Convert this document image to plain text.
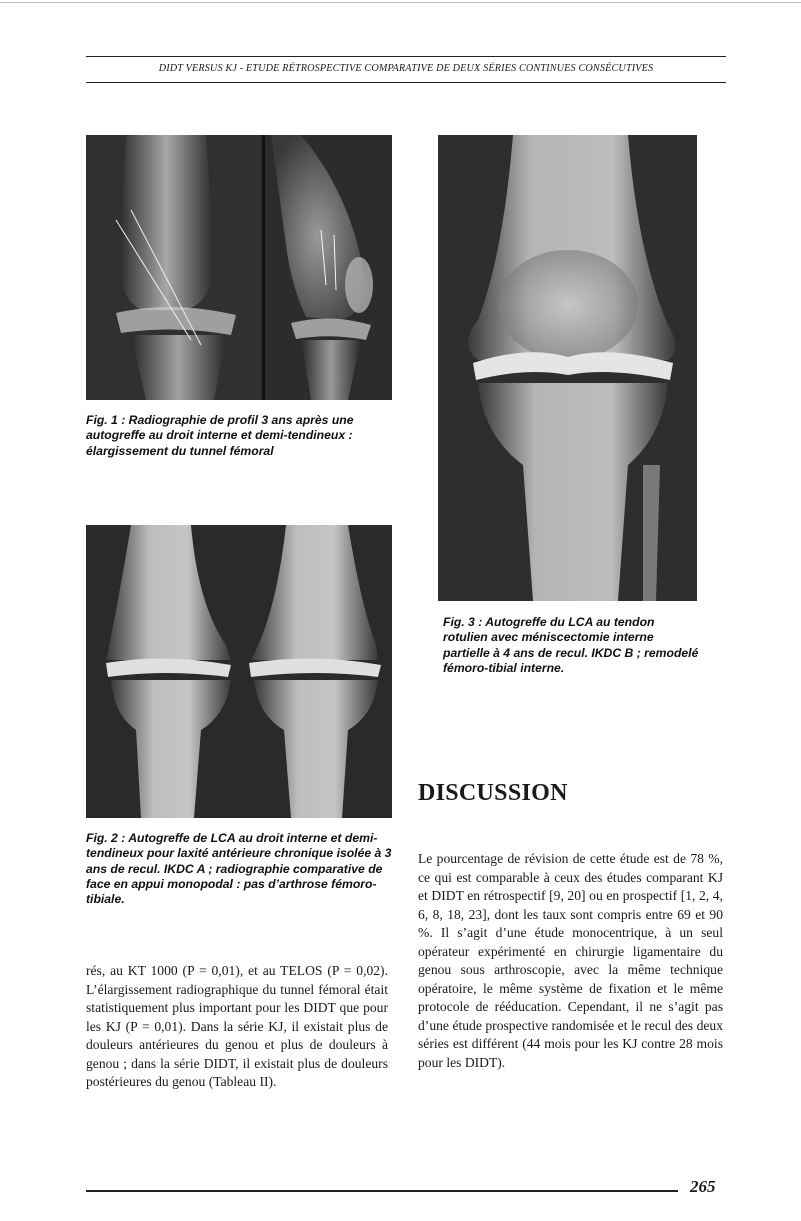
DIDT VERSUS KJ - ETUDE RÉTROSPECTIVE COMPARATIVE DE DEUX SÉRIES CONTINUES CONSÉCUTIVES

Fig. 1 : Radiographie de profil 3 ans après une autogreffe au droit interne et demi-tendineux : élargissement du tunnel fémoral

Fig. 3 : Autogreffe du LCA au tendon rotulien avec méniscectomie interne partielle à 4 ans de recul. IKDC B ; remodelé fémoro-tibial interne.

Fig. 2 : Autogreffe de LCA au droit interne et demi-tendineux pour laxité antérieure chronique isolée à 3 ans de recul. IKDC A ; radiographie comparative de face en appui monopodal : pas d’arthrose fémoro-tibiale.

rés, au KT 1000 (P = 0,01), et au TELOS (P = 0,02). L’élargissement radiographique du tunnel fémoral était statistiquement plus important pour les DIDT que pour les KJ (P = 0,01). Dans la série KJ, il existait plus de douleurs antérieures du genou et plus de douleurs à genou ; dans la série DIDT, il existait plus de douleurs postérieures du genou (Tableau II).

DISCUSSION

Le pourcentage de révision de cette étude est de 78 %, ce qui est comparable à ceux des études comparant KJ et DIDT en rétrospectif [9, 20] ou en prospectif [1, 2, 4, 6, 8, 18, 23], dont les taux sont compris entre 69 et 90 %. Il s’agit d’une étude monocentrique, à un seul opérateur expérimenté en chirurgie ligamentaire du genou sous arthroscopie, avec la même technique opératoire, le même système de fixation et le même protocole de rééducation. Cependant, il ne s’agit pas d’une étude prospective randomisée et le recul des deux séries est différent (44 mois pour les KJ contre 28 mois pour les DIDT).

265
